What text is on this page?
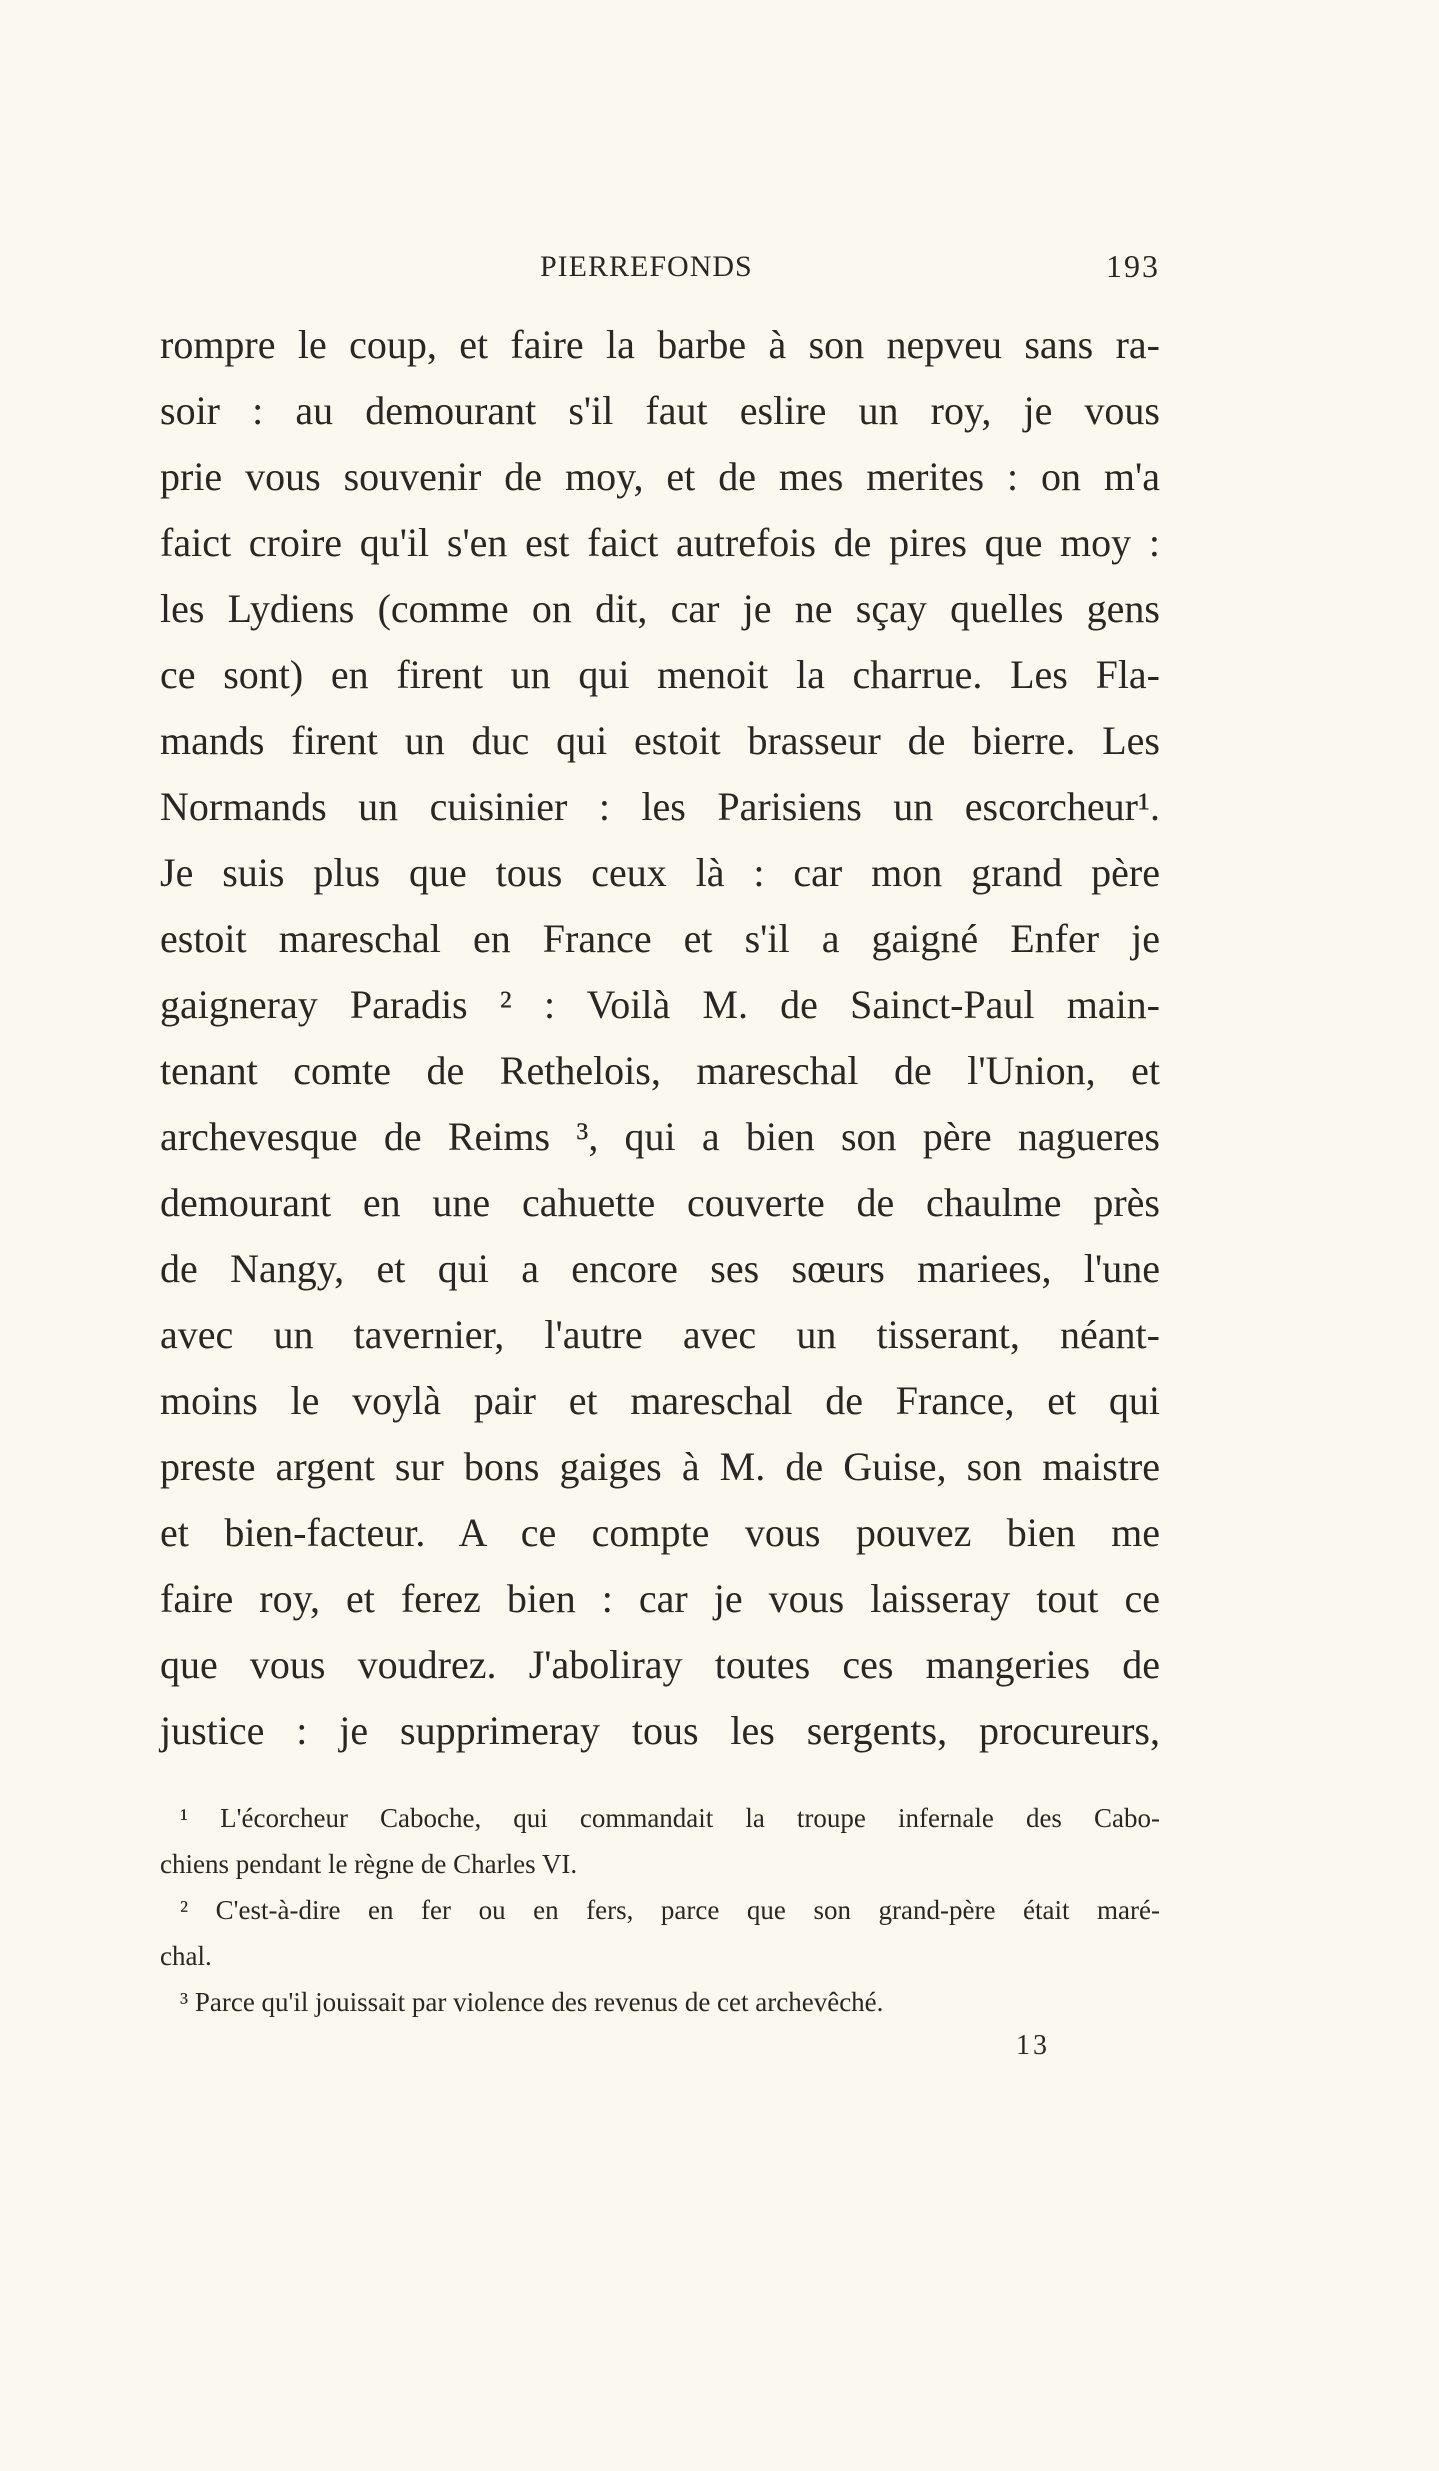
PIERREFONDS	193
rompre le coup, et faire la barbe à son nepveu sans ra-
soir : au demourant s'il faut eslire un roy, je vous
prie vous souvenir de moy, et de mes merites : on m'a
faict croire qu'il s'en est faict autrefois de pires que moy :
les Lydiens (comme on dit, car je ne sçay quelles gens
ce sont) en firent un qui menoit la charrue. Les Fla-
mands firent un duc qui estoit brasseur de bierre. Les
Normands un cuisinier : les Parisiens un escorcheur¹.
Je suis plus que tous ceux là : car mon grand père
estoit mareschal en France et s'il a gaigné Enfer je
gaigneray Paradis ² : Voilà M. de Sainct-Paul main-
tenant comte de Rethelois, mareschal de l'Union, et
archevesque de Reims ³, qui a bien son père nagueres
demourant en une cahuette couverte de chaulme près
de Nangy, et qui a encore ses sœurs mariees, l'une
avec un tavernier, l'autre avec un tisserant, néant-
moins le voylà pair et mareschal de France, et qui
preste argent sur bons gaiges à M. de Guise, son maistre
et bien-facteur. A ce compte vous pouvez bien me
faire roy, et ferez bien : car je vous laisseray tout ce
que vous voudrez. J'aboliray toutes ces mangeries de
justice : je supprimeray tous les sergents, procureurs,
¹ L'écorcheur Caboche, qui commandait la troupe infernale des Cabo-
chiens pendant le règne de Charles VI.
² C'est-à-dire en fer ou en fers, parce que son grand-père était maré-
chal.
³ Parce qu'il jouissait par violence des revenus de cet archevêché.
13
